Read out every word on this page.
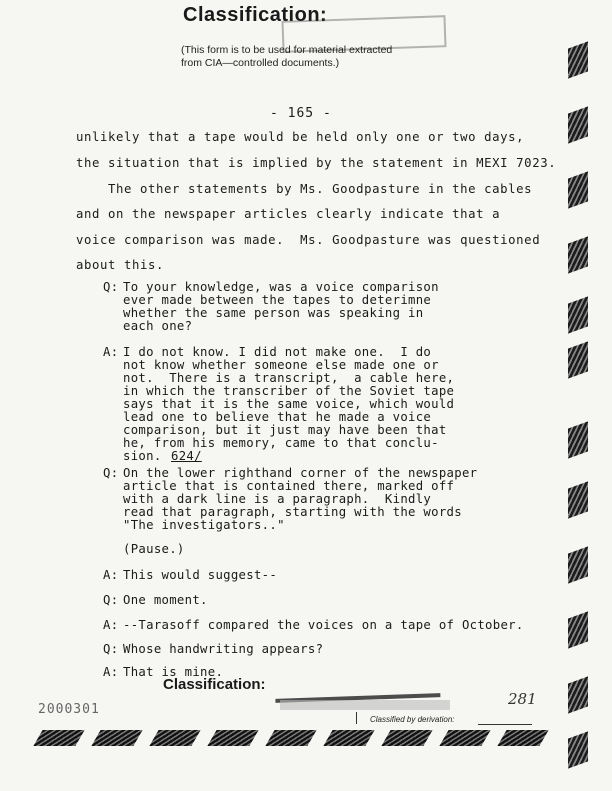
Classification:
(This form is to be used for material extracted
from CIA—controlled documents.)
- 165 -
unlikely that a tape would be held only one or two days,
the situation that is implied by the statement in MEXI 7023.
The other statements by Ms. Goodpasture in the cables
and on the newspaper articles clearly indicate that a
voice comparison was made.  Ms. Goodpasture was questioned
about this.
Q: To your knowledge, was a voice comparison
ever made between the tapes to deterimne
whether the same person was speaking in
each one?
A: I do not know. I did not make one.  I do
not know whether someone else made one or
not.  There is a transcript,  a cable here,
in which the transcriber of the Soviet tape
says that it is the same voice, which would
lead one to believe that he made a voice
comparison, but it just may have been that
he, from his memory, came to that conclu-
sion. 624/
Q: On the lower righthand corner of the newspaper
article that is contained there, marked off
with a dark line is a paragraph.  Kindly
read that paragraph, starting with the words
"The investigators.."
(Pause.)
A: This would suggest--
Q: One moment.
A: --Tarasoff compared the voices on a tape of October.
Q: Whose handwriting appears?
A: That is mine.
Classification:
2000301
281
Classified by derivation:
